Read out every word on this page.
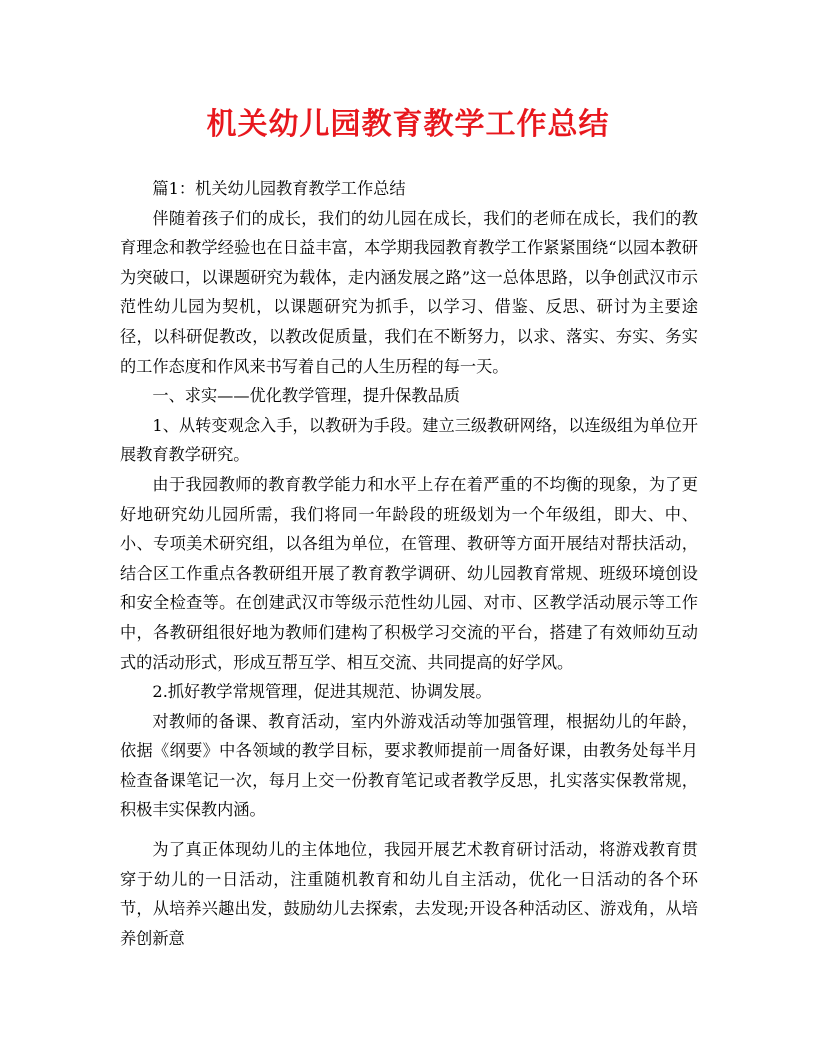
机关幼儿园教育教学工作总结

篇1：机关幼儿园教育教学工作总结

伴随着孩子们的成长，我们的幼儿园在成长，我们的老师在成长，我们的教育理念和教学经验也在日益丰富，本学期我园教育教学工作紧紧围绕“以园本教研为突破口，以课题研究为载体，走内涵发展之路”这一总体思路，以争创武汉市示范性幼儿园为契机，以课题研究为抓手，以学习、借鉴、反思、研讨为主要途径，以科研促教改，以教改促质量，我们在不断努力，以求、落实、夯实、务实的工作态度和作风来书写着自己的人生历程的每一天。

一、求实——优化教学管理，提升保教品质

1、从转变观念入手，以教研为手段。建立三级教研网络，以连级组为单位开展教育教学研究。

由于我园教师的教育教学能力和水平上存在着严重的不均衡的现象，为了更好地研究幼儿园所需，我们将同一年龄段的班级划为一个年级组，即大、中、小、专项美术研究组，以各组为单位，在管理、教研等方面开展结对帮扶活动，结合区工作重点各教研组开展了教育教学调研、幼儿园教育常规、班级环境创设和安全检查等。在创建武汉市等级示范性幼儿园、对市、区教学活动展示等工作中，各教研组很好地为教师们建构了积极学习交流的平台，搭建了有效师幼互动式的活动形式，形成互帮互学、相互交流、共同提高的好学风。

2.抓好教学常规管理，促进其规范、协调发展。

对教师的备课、教育活动，室内外游戏活动等加强管理，根据幼儿的年龄，依据《纲要》中各领域的教学目标，要求教师提前一周备好课，由教务处每半月检查备课笔记一次，每月上交一份教育笔记或者教学反思，扎实落实保教常规，积极丰实保教内涵。

为了真正体现幼儿的主体地位，我园开展艺术教育研讨活动，将游戏教育贯穿于幼儿的一日活动，注重随机教育和幼儿自主活动，优化一日活动的各个环节，从培养兴趣出发，鼓励幼儿去探索，去发现;开设各种活动区、游戏角，从培养创新意
